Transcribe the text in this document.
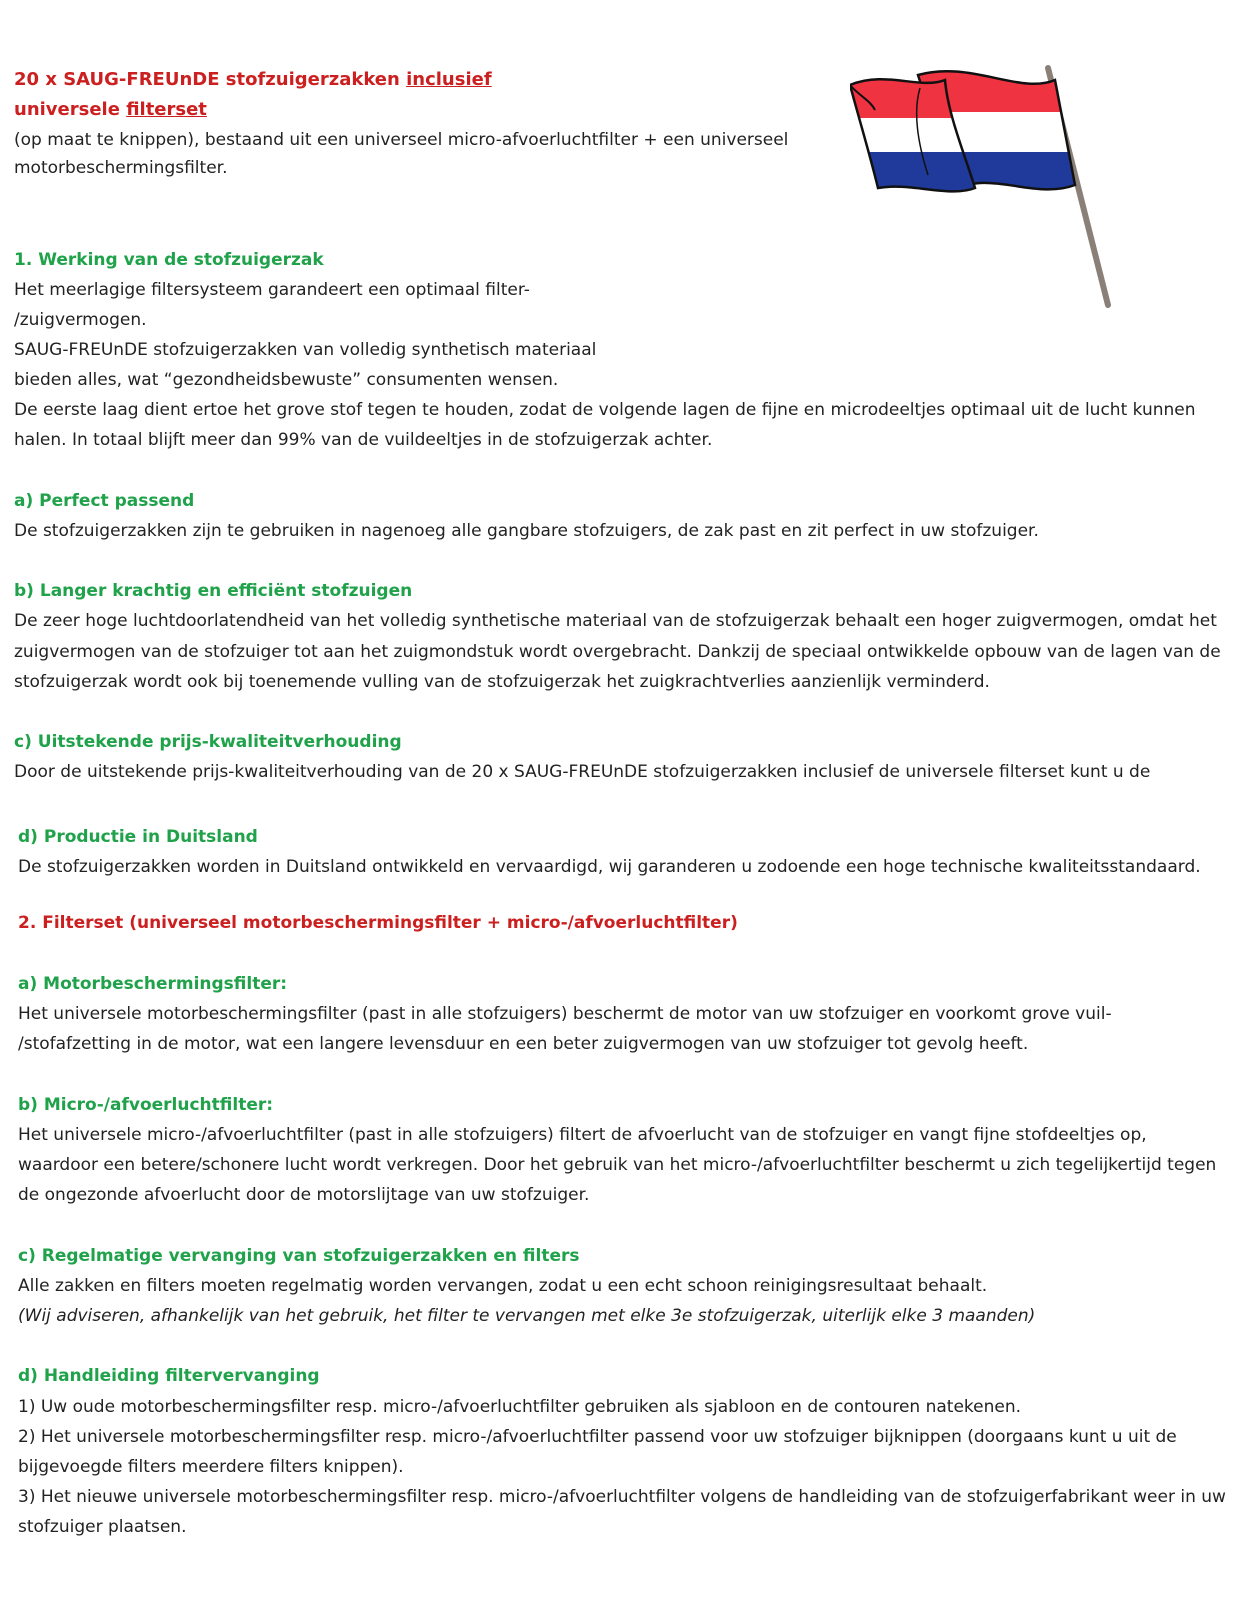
20 x SAUG-FREUnDE stofzuigerzakken inclusief
universele filterset
(op maat te knippen), bestaand uit een universeel micro-afvoerluchtfilter + een universeel
motorbeschermingsfilter.
1. Werking van de stofzuigerzak
Het meerlagige filtersysteem garandeert een optimaal filter-
/zuigvermogen.
SAUG-FREUnDE stofzuigerzakken van volledig synthetisch materiaal
bieden alles, wat “gezondheidsbewuste” consumenten wensen.
De eerste laag dient ertoe het grove stof tegen te houden, zodat de volgende lagen de fijne en microdeeltjes optimaal uit de lucht kunnen
halen. In totaal blijft meer dan 99% van de vuildeeltjes in de stofzuigerzak achter.
a) Perfect passend
De stofzuigerzakken zijn te gebruiken in nagenoeg alle gangbare stofzuigers, de zak past en zit perfect in uw stofzuiger.
b) Langer krachtig en efficiënt stofzuigen
De zeer hoge luchtdoorlatendheid van het volledig synthetische materiaal van de stofzuigerzak behaalt een hoger zuigvermogen, omdat het
zuigvermogen van de stofzuiger tot aan het zuigmondstuk wordt overgebracht. Dankzij de speciaal ontwikkelde opbouw van de lagen van de
stofzuigerzak wordt ook bij toenemende vulling van de stofzuigerzak het zuigkrachtverlies aanzienlijk verminderd.
c) Uitstekende prijs-kwaliteitverhouding
Door de uitstekende prijs-kwaliteitverhouding van de 20 x SAUG-FREUnDE stofzuigerzakken inclusief de universele filterset kunt u de
d) Productie in Duitsland
De stofzuigerzakken worden in Duitsland ontwikkeld en vervaardigd, wij garanderen u zodoende een hoge technische kwaliteitsstandaard.
2. Filterset (universeel motorbeschermingsfilter + micro-/afvoerluchtfilter)
a) Motorbeschermingsfilter:
Het universele motorbeschermingsfilter (past in alle stofzuigers) beschermt de motor van uw stofzuiger en voorkomt grove vuil-
/stofafzetting in de motor, wat een langere levensduur en een beter zuigvermogen van uw stofzuiger tot gevolg heeft.
b) Micro-/afvoerluchtfilter:
Het universele micro-/afvoerluchtfilter (past in alle stofzuigers) filtert de afvoerlucht van de stofzuiger en vangt fijne stofdeeltjes op,
waardoor een betere/schonere lucht wordt verkregen. Door het gebruik van het micro-/afvoerluchtfilter beschermt u zich tegelijkertijd tegen
de ongezonde afvoerlucht door de motorslijtage van uw stofzuiger.
c) Regelmatige vervanging van stofzuigerzakken en filters
Alle zakken en filters moeten regelmatig worden vervangen, zodat u een echt schoon reinigingsresultaat behaalt.
(Wij adviseren, afhankelijk van het gebruik, het filter te vervangen met elke 3e stofzuigerzak, uiterlijk elke 3 maanden)
d) Handleiding filtervervanging
1) Uw oude motorbeschermingsfilter resp. micro-/afvoerluchtfilter gebruiken als sjabloon en de contouren natekenen.
2) Het universele motorbeschermingsfilter resp. micro-/afvoerluchtfilter passend voor uw stofzuiger bijknippen (doorgaans kunt u uit de
bijgevoegde filters meerdere filters knippen).
3) Het nieuwe universele motorbeschermingsfilter resp. micro-/afvoerluchtfilter volgens de handleiding van de stofzuigerfabrikant weer in uw
stofzuiger plaatsen.
